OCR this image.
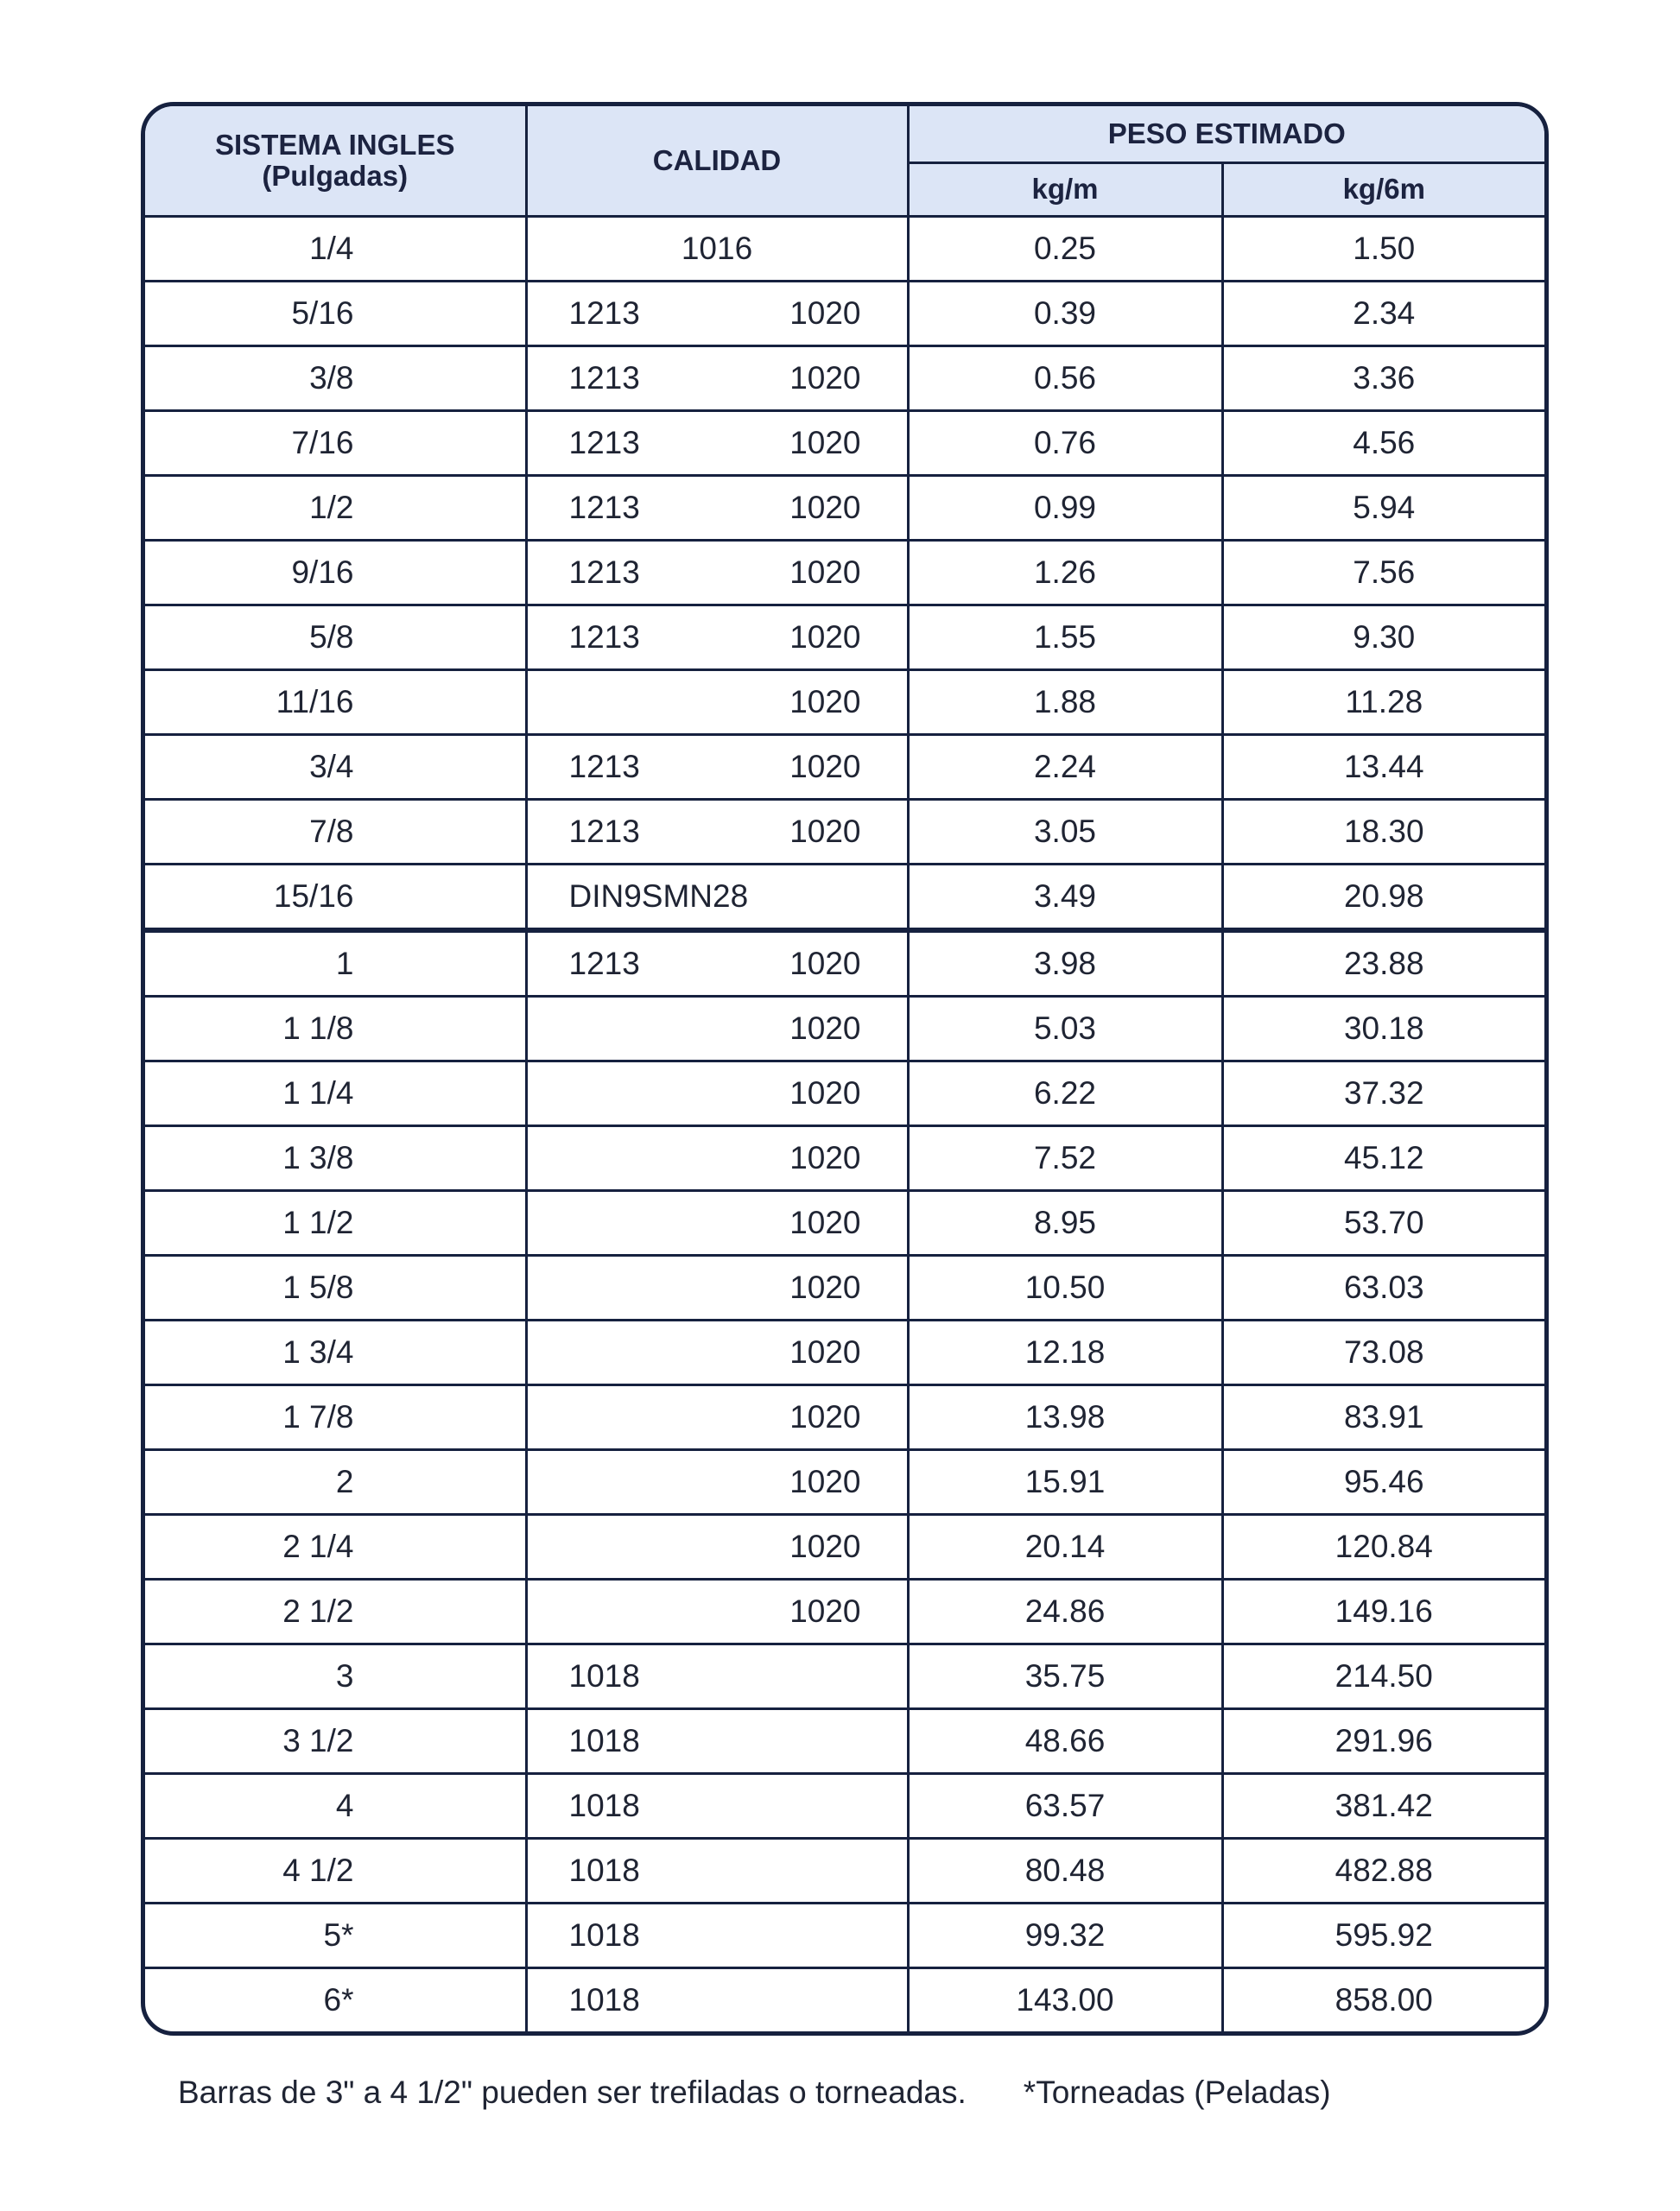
SISTEMA INGLES
(Pulgadas)	CALIDAD	PESO ESTIMADO	
		kg/m	kg/6m
1/4	1016	0.25	1.50
5/16	1213 1020	0.39	2.34
3/8	1213 1020	0.56	3.36
7/16	1213 1020	0.76	4.56
1/2	1213 1020	0.99	5.94
9/16	1213 1020	1.26	7.56
5/8	1213 1020	1.55	9.30
11/16	1020	1.88	11.28
3/4	1213 1020	2.24	13.44
7/8	1213 1020	3.05	18.30
15/16	DIN9SMN28	3.49	20.98
1	1213 1020	3.98	23.88
1 1/8	1020	5.03	30.18
1 1/4	1020	6.22	37.32
1 3/8	1020	7.52	45.12
1 1/2	1020	8.95	53.70
1 5/8	1020	10.50	63.03
1 3/4	1020	12.18	73.08
1 7/8	1020	13.98	83.91
2	1020	15.91	95.46
2 1/4	1020	20.14	120.84
2 1/2	1020	24.86	149.16
3	1018	35.75	214.50
3 1/2	1018	48.66	291.96
4	1018	63.57	381.42
4 1/2	1018	80.48	482.88
5*	1018	99.32	595.92
6*	1018	143.00	858.00
Barras de 3" a 4 1/2" pueden ser trefiladas o torneadas. *Torneadas (Peladas)
